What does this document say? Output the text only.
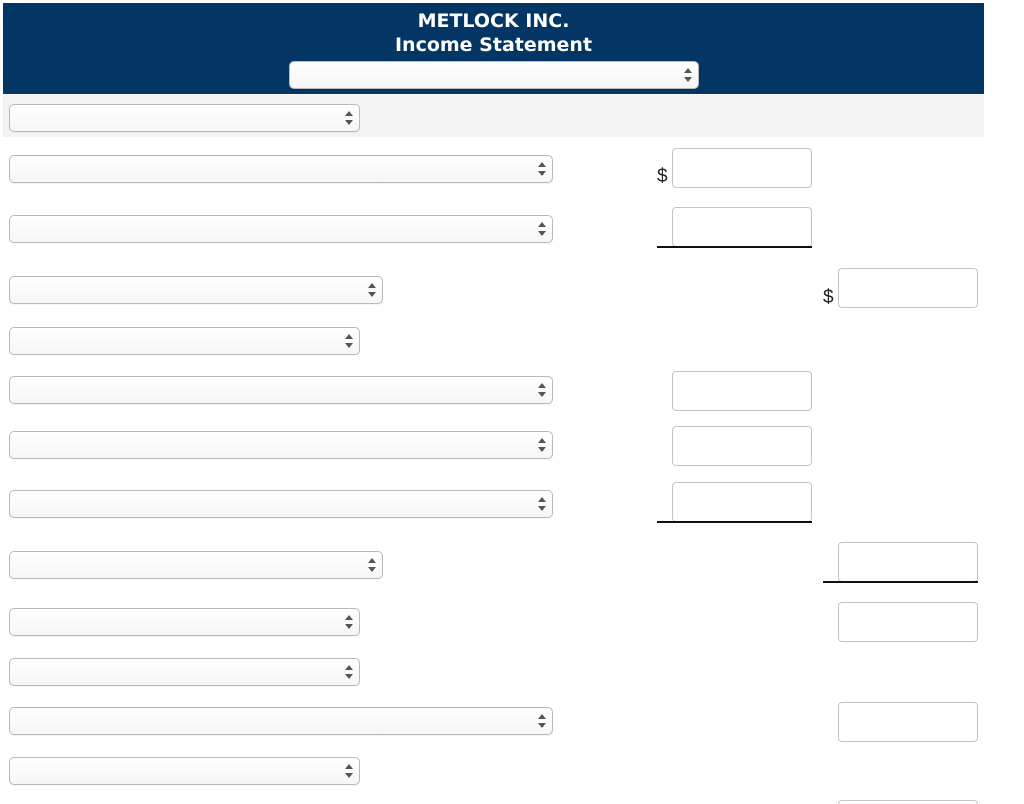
METLOCK INC.
Income Statement
$
$
